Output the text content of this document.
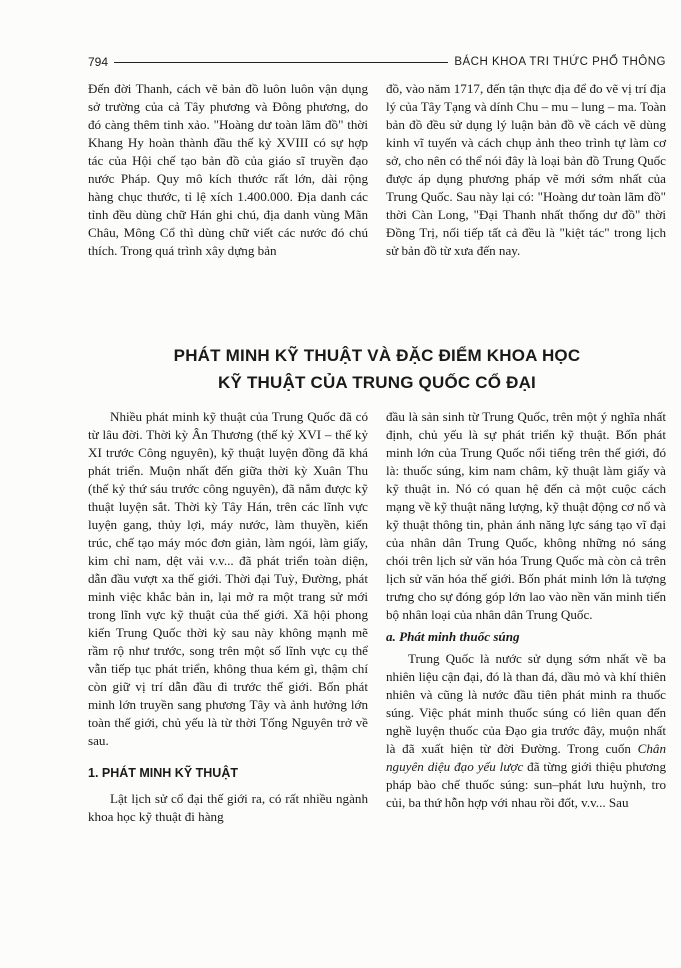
794	BÁCH KHOA TRI THỨC PHỔ THÔNG

Đến đời Thanh, cách vẽ bản đồ luôn luôn vận dụng sở trường của cả Tây phương và Đông phương, do đó càng thêm tinh xảo. "Hoàng dư toàn lãm đồ" thời Khang Hy hoàn thành đầu thế kỷ XVIII có sự hợp tác của Hội chế tạo bản đồ của giáo sĩ truyền đạo nước Pháp. Quy mô kích thước rất lớn, dài rộng hàng chục thước, tỉ lệ xích 1.400.000. Địa danh các tỉnh đều dùng chữ Hán ghi chú, địa danh vùng Mãn Châu, Mông Cổ thì dùng chữ viết các nước đó chú thích. Trong quá trình xây dựng bản

đồ, vào năm 1717, đến tận thực địa để đo vẽ vị trí địa lý của Tây Tạng và dính Chu – mu – lung – ma. Toàn bản đồ đều sử dụng lý luận bản đồ về cách vẽ dùng kinh vĩ tuyến và cách chụp ảnh theo trình tự làm cơ sở, cho nên có thể nói đây là loại bản đồ Trung Quốc được áp dụng phương pháp vẽ mới sớm nhất của Trung Quốc. Sau này lại có: "Hoàng dư toàn lãm đồ" thời Càn Long, "Đại Thanh nhất thống dư đồ" thời Đồng Trị, nối tiếp tất cả đều là "kiệt tác" trong lịch sử bản đồ từ xưa đến nay.

PHÁT MINH KỸ THUẬT VÀ ĐẶC ĐIỂM KHOA HỌC
KỸ THUẬT CỦA TRUNG QUỐC CỔ ĐẠI

Nhiều phát minh kỹ thuật của Trung Quốc đã có từ lâu đời. Thời kỳ Ân Thương (thế kỷ XVI – thế kỷ XI trước Công nguyên), kỹ thuật luyện đồng đã khá phát triển. Muộn nhất đến giữa thời kỳ Xuân Thu (thế kỷ thứ sáu trước công nguyên), đã nắm được kỹ thuật luyện sắt. Thời kỳ Tây Hán, trên các lĩnh vực luyện gang, thủy lợi, máy nước, làm thuyền, kiến trúc, chế tạo máy móc đơn giản, làm ngói, làm giấy, kim chỉ nam, dệt vải v.v... đã phát triển toàn diện, dẫn đầu vượt xa thế giới. Thời đại Tuỳ, Đường, phát minh việc khắc bản in, lại mở ra một trang sử mới trong lĩnh vực kỹ thuật của thế giới. Xã hội phong kiến Trung Quốc thời kỳ sau này không mạnh mẽ rầm rộ như trước, song trên một số lĩnh vực cụ thể vẫn tiếp tục phát triển, không thua kém gì, thậm chí còn giữ vị trí dẫn đầu đi trước thế giới. Bốn phát minh lớn truyền sang phương Tây và ảnh hưởng lớn toàn thế giới, chủ yếu là từ thời Tống Nguyên trở về sau.

1. PHÁT MINH KỸ THUẬT

Lật lịch sử cổ đại thế giới ra, có rất nhiều ngành khoa học kỹ thuật đi hàng

đầu là sản sinh từ Trung Quốc, trên một ý nghĩa nhất định, chủ yếu là sự phát triển kỹ thuật. Bốn phát minh lớn của Trung Quốc nổi tiếng trên thế giới, đó là: thuốc súng, kim nam châm, kỹ thuật làm giấy và kỹ thuật in. Nó có quan hệ đến cả một cuộc cách mạng về kỹ thuật năng lượng, kỹ thuật động cơ nổ và kỹ thuật thông tin, phản ánh năng lực sáng tạo vĩ đại của nhân dân Trung Quốc, không những nó sáng chói trên lịch sử văn hóa Trung Quốc mà còn cả trên lịch sử văn hóa thế giới. Bốn phát minh lớn là tượng trưng cho sự đóng góp lớn lao vào nền văn minh tiến bộ nhân loại của nhân dân Trung Quốc.

a. Phát minh thuốc súng

Trung Quốc là nước sử dụng sớm nhất về ba nhiên liệu cận đại, đó là than đá, dầu mỏ và khí thiên nhiên và cũng là nước đầu tiên phát minh ra thuốc súng. Việc phát minh thuốc súng có liên quan đến nghề luyện thuốc của Đạo gia trước đây, muộn nhất là đã xuất hiện từ đời Đường. Trong cuốn Chân nguyên diệu đạo yếu lược đã từng giới thiệu phương pháp bào chế thuốc súng: sun–phát lưu huỳnh, tro củi, ba thứ hỗn hợp với nhau rồi đốt, v.v... Sau
